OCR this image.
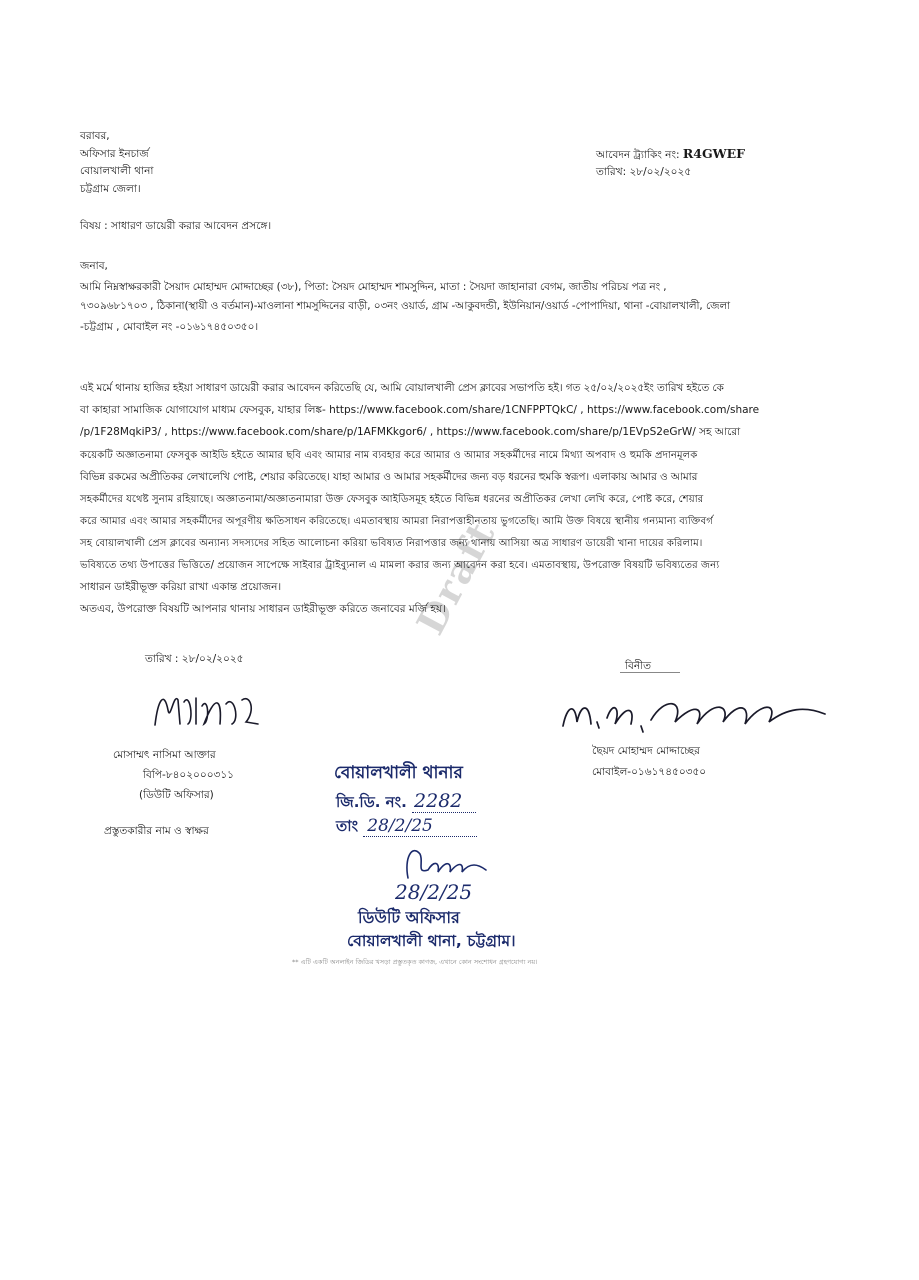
Draft
বরাবর,
অফিসার ইনচার্জ
বোয়ালখালী থানা
চট্টগ্রাম জেলা।
আবেদন ট্র্যাকিং নং: R4GWEF
তারিখ: ২৮/০২/২০২৫
বিষয় : সাধারণ ডায়েরী করার আবেদন প্রসঙ্গে।
জনাব,
আমি নিম্নস্বাক্ষরকারী সৈয়াদ মোহাম্মদ মোদ্দাচ্ছের (৩৮), পিতা: সৈয়দ মোহাম্মদ শামসুদ্দিন, মাতা : সৈয়দা জাহানারা বেগম, জাতীয় পরিচয় পত্র নং ,
৭৩০৯৬৮১৭০৩ , ঠিকানা(স্থায়ী ও বর্তমান)-মাওলানা শামসুদ্দিনের বাড়ী, ০৩নং ওয়ার্ড, গ্রাম -আকুবদন্ডী, ইউনিয়ান/ওয়ার্ড -পোপাদিয়া, থানা -বোয়ালখালী, জেলা
-চট্টগ্রাম , মোবাইল নং -০১৬১৭৪৫০৩৫০।
এই মর্মে থানায় হাজির হইয়া সাধারণ ডায়েরী করার আবেদন করিতেছি যে, আমি বোয়ালখালী প্রেস ক্লাবের সভাপতি হই। গত ২৫/০২/২০২৫ইং তারিখ হইতে কে
বা কাহারা সামাজিক যোগাযোগ মাধ্যম ফেসবুক, যাহার লিঙ্ক- https://www.facebook.com/share/1CNFPPTQkC/ , https://www.facebook.com/share
/p/1F28MqkiP3/ , https://www.facebook.com/share/p/1AFMKkgor6/ , https://www.facebook.com/share/p/1EVpS2eGrW/ সহ আরো
কয়েকটি অজ্ঞাতনামা ফেসবুক আইডি হইতে আমার ছবি এবং আমার নাম ব্যবহার করে আমার ও আমার সহকর্মীদের নামে মিথ্যা অপবাদ ও হুমকি প্রদানমূলক
বিভিন্ন রকমের অপ্রীতিকর লেখালেখি পোষ্ট, শেয়ার করিতেছে। যাহা আমার ও আমার সহকর্মীদের জন্য বড় ধরনের হুমকি স্বরূপ। এলাকায় আমার ও আমার
সহকর্মীদের যথেষ্ট সুনাম রহিয়াছে। অজ্ঞাতনামা/অজ্ঞাতনামারা উক্ত ফেসবুক আইডিসমূহ হইতে বিভিন্ন ধরনের অপ্রীতিকর লেখা লেখি করে, পোষ্ট করে, শেয়ার
করে আমার এবং আমার সহকর্মীদের অপূরণীয় ক্ষতিসাধন করিতেছে। এমতাবস্থায় আমরা নিরাপত্তাহীনতায় ভুগতেছি। আমি উক্ত বিষয়ে স্থানীয় গন্যমান্য ব্যক্তিবর্গ
সহ বোয়ালখালী প্রেস ক্লাবের অন্যান্য সদস্যদের সহিত আলোচনা করিয়া ভবিষ্যত নিরাপত্তার জন্য থানায় আসিয়া অত্র সাধারণ ডায়েরী খানা দায়ের করিলাম।
ভবিষ্যতে তথ্য উপাত্তের ভিত্তিতে/ প্রয়োজন সাপেক্ষে সাইবার ট্রাইব্যুনাল এ মামলা করার জন্য আবেদন করা হবে। এমতাবস্থায়, উপরোক্ত বিষয়টি ভবিষ্যতের জন্য
সাধারন ডাইরীভূক্ত করিয়া রাখা একান্ত প্রয়োজন।
অতএব, উপরোক্ত বিষয়টি আপনার থানায় সাধারন ডাইরীভূক্ত করিতে জনাবের মর্জি হয়।
তারিখ : ২৮/০২/২০২৫
মোসাম্মৎ নাসিমা আক্তার
বিপি-৮৪০২০০০৩১১
(ডিউটি অফিসার)
প্রস্তুতকারীর নাম ও স্বাক্ষর
বিনীত
ছৈয়দ মোহাম্মদ মোদ্দাচ্ছের
মোবাইল-০১৬১৭৪৫০৩৫০
বোয়ালখালী থানার
জি.ডি. নং. 2282
তাং 28/2/25
28/2/25
ডিউটি অফিসার
বোয়ালখালী থানা, চট্টগ্রাম।
** এটি একটি অনলাইন জিডির খসড়া প্রস্তুতকৃত কাগজ, এখানে কোন সংশোধন গ্রহণযোগ্য নয়।
